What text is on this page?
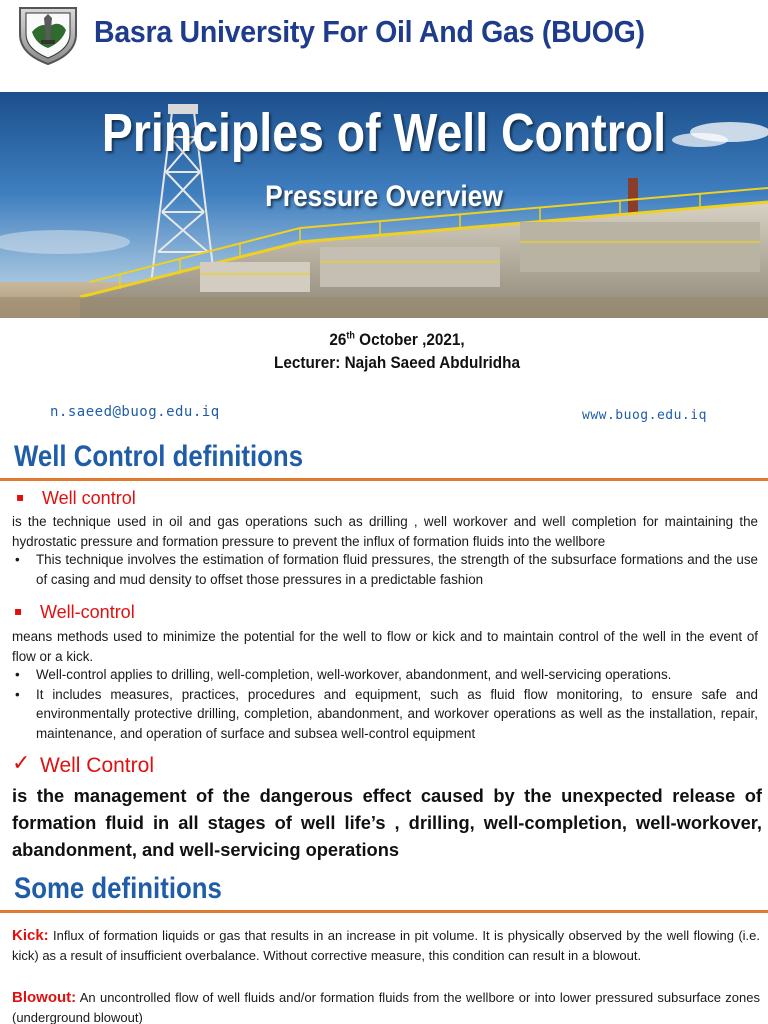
Basra University For Oil And Gas (BUOG)
Principles of Well Control
Pressure Overview
26th October ,2021,
Lecturer: Najah Saeed Abdulridha
n.saeed@buog.edu.iq	www.buog.edu.iq
Well Control definitions
▪ Well control
is the technique used in oil and gas operations such as drilling , well workover and well completion for maintaining the hydrostatic pressure and formation pressure to prevent the influx of formation fluids into the wellbore
• This technique involves the estimation of formation fluid pressures, the strength of the subsurface formations and the use of casing and mud density to offset those pressures in a predictable fashion
▪ Well-control
means methods used to minimize the potential for the well to flow or kick and to maintain control of the well in the event of flow or a kick.
• Well-control applies to drilling, well-completion, well-workover, abandonment, and well-servicing operations.
• It includes measures, practices, procedures and equipment, such as fluid flow monitoring, to ensure safe and environmentally protective drilling, completion, abandonment, and workover operations as well as the installation, repair, maintenance, and operation of surface and subsea well-control equipment
✓ Well Control
is the management of the dangerous effect caused by the unexpected release of formation fluid in all stages of well life’s , drilling, well-completion, well-workover, abandonment, and well-servicing operations
Some definitions
Kick: Influx of formation liquids or gas that results in an increase in pit volume. It is physically observed by the well flowing (i.e. kick) as a result of insufficient overbalance. Without corrective measure, this condition can result in a blowout.
Blowout: An uncontrolled flow of well fluids and/or formation fluids from the wellbore or into lower pressured subsurface zones (underground blowout)
